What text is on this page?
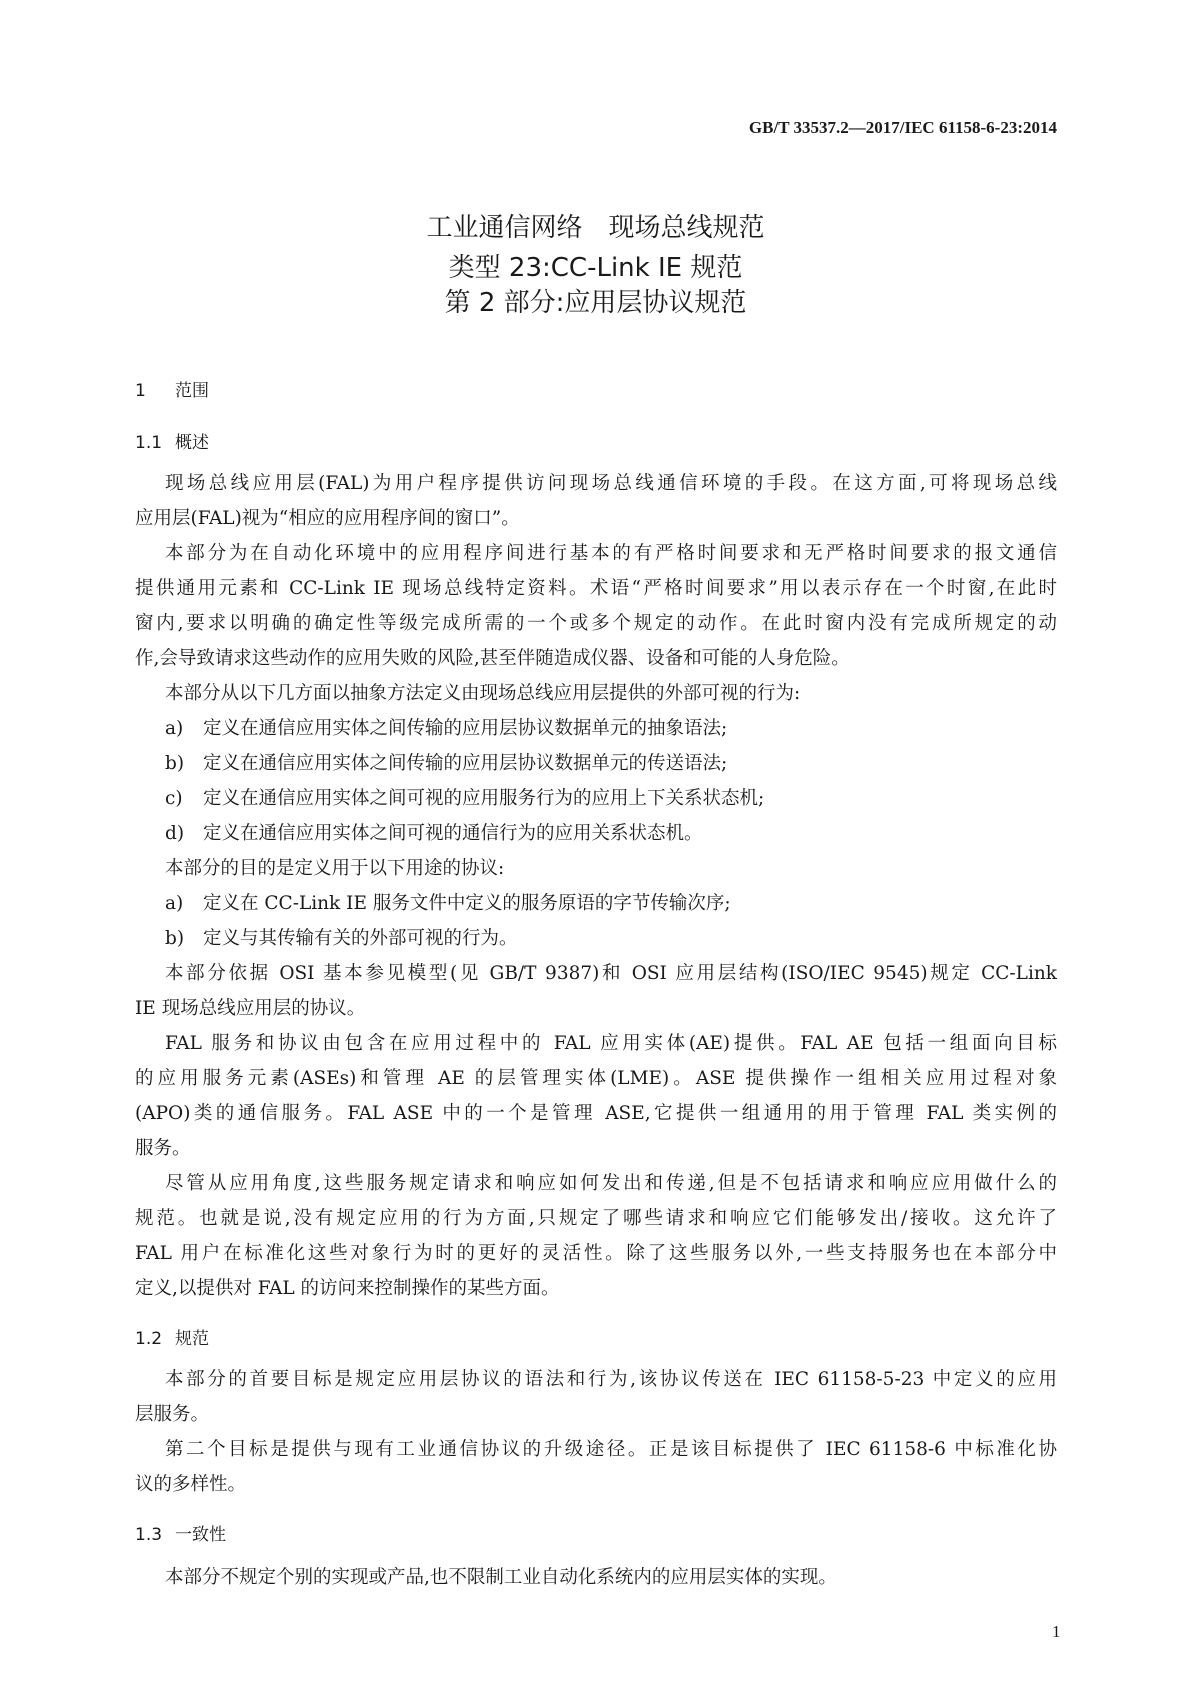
GB/T 33537.2—2017/IEC 61158-6-23:2014
工业通信网络　现场总线规范
类型 23:CC-Link IE 规范
第 2 部分:应用层协议规范
1 范围
1.1 概述
现场总线应用层(FAL)为用户程序提供访问现场总线通信环境的手段。在这方面,可将现场总线
应用层(FAL)视为“相应的应用程序间的窗口”。
本部分为在自动化环境中的应用程序间进行基本的有严格时间要求和无严格时间要求的报文通信
提供通用元素和 CC-Link IE 现场总线特定资料。术语“严格时间要求”用以表示存在一个时窗,在此时
窗内,要求以明确的确定性等级完成所需的一个或多个规定的动作。在此时窗内没有完成所规定的动
作,会导致请求这些动作的应用失败的风险,甚至伴随造成仪器、设备和可能的人身危险。
本部分从以下几方面以抽象方法定义由现场总线应用层提供的外部可视的行为:
a) 定义在通信应用实体之间传输的应用层协议数据单元的抽象语法;
b) 定义在通信应用实体之间传输的应用层协议数据单元的传送语法;
c) 定义在通信应用实体之间可视的应用服务行为的应用上下关系状态机;
d) 定义在通信应用实体之间可视的通信行为的应用关系状态机。
本部分的目的是定义用于以下用途的协议:
a) 定义在 CC-Link IE 服务文件中定义的服务原语的字节传输次序;
b) 定义与其传输有关的外部可视的行为。
本部分依据 OSI 基本参见模型(见 GB/T 9387)和 OSI 应用层结构(ISO/IEC 9545)规定 CC-Link
IE 现场总线应用层的协议。
FAL 服务和协议由包含在应用过程中的 FAL 应用实体(AE)提供。FAL AE 包括一组面向目标
的应用服务元素(ASEs)和管理 AE 的层管理实体(LME)。ASE 提供操作一组相关应用过程对象
(APO)类的通信服务。FAL ASE 中的一个是管理 ASE,它提供一组通用的用于管理 FAL 类实例的
服务。
尽管从应用角度,这些服务规定请求和响应如何发出和传递,但是不包括请求和响应应用做什么的
规范。也就是说,没有规定应用的行为方面,只规定了哪些请求和响应它们能够发出/接收。这允许了
FAL 用户在标准化这些对象行为时的更好的灵活性。除了这些服务以外,一些支持服务也在本部分中
定义,以提供对 FAL 的访问来控制操作的某些方面。
1.2 规范
本部分的首要目标是规定应用层协议的语法和行为,该协议传送在 IEC 61158-5-23 中定义的应用
层服务。
第二个目标是提供与现有工业通信协议的升级途径。正是该目标提供了 IEC 61158-6 中标准化协
议的多样性。
1.3 一致性
本部分不规定个别的实现或产品,也不限制工业自动化系统内的应用层实体的实现。
1
